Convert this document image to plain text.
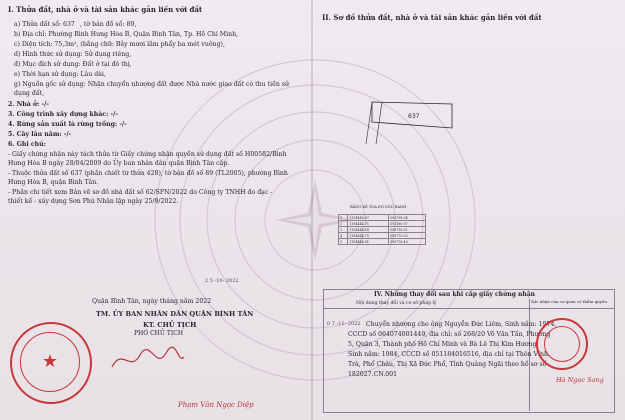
I. Thửa đất, nhà ở và tài sản khác gắn liền với đất
a) Thửa đất số: 637 , tờ bản đồ số: 89,
b) Địa chỉ: Phường Bình Hưng Hòa B, Quận Bình Tân, Tp. Hồ Chí Minh,
c) Diện tích: 75,3m², (bằng chữ: Bảy mươi lăm phẩy ba mét vuông),
d) Hình thức sử dụng: Sử dụng riêng,
đ) Mục đích sử dụng: Đất ở tại đô thị,
e) Thời hạn sử dụng: Lâu dài,
g) Nguồn gốc sử dụng: Nhận chuyển nhượng đất được Nhà nước giao đất có thu tiền sử
dụng đất,
2. Nhà ở: -/-
3. Công trình xây dựng khác: -/-
4. Rừng sản xuất là rừng trồng: -/-
5. Cây lâu năm: -/-
6. Ghi chú:
- Giấy chứng nhận này tách thửa từ Giấy chứng nhận quyền sử dụng đất số H00582/Bình
Hưng Hòa B ngày 28/04/2009 do Ủy ban nhân dân quận Bình Tân cấp.
- Thuộc thửa đất số 637 (phần chiết từ thửa 428), tờ bản đồ số 89 (TL2005), phường Bình
Hưng Hòa B, quận Bình Tân.
- Phần chi tiết xem Bản vẽ sơ đồ nhà đất số 62/SPN/2022 do Công ty TNHH đo đạc -
thiết kế - xây dựng Sơn Phú Nhân lập ngày 25/9/2022.
2 5 -10- 2022
Quận Bình Tân, ngày tháng năm 2022
TM. ỦY BAN NHÂN DÂN QUẬN BÌNH TÂN
KT. CHỦ TỊCH
PHÓ CHỦ TỊCH
★
Phạm Văn Ngọc Diệp
II. Sơ đồ thửa đất, nhà ở và tài sản khác gắn liền với đất
637
BẢNG KÊ TỌA ĐỘ GÓC RANH
1	1194446.67	590798.04
2	1194444.71	591160.07
3	1194444.58	590716.51
4	1194444.75	590770.53
5	1194444.91	590776.49
IV. Những thay đổi sau khi cấp giấy chứng nhận
Nội dung thay đổi và cơ sở pháp lý	Xác nhận của cơ quan có thẩm quyền
0 7 -11- 2022 Chuyển nhượng cho ông Nguyễn Đức Liêm, Sinh năm: 1974,
CCCD số 064074001449, địa chỉ: số 268/20 Võ Văn Tần, Phường
5, Quận 3, Thành phố Hồ Chí Minh và Bà Lê Thị Kim Hương,
Sinh năm: 1984, CCCD số 051184016516, địa chỉ tại Thôn Vĩnh
Trà, Phổ Châu, Thị Xã Đức Phổ, Tỉnh Quảng Ngãi theo hồ sơ số
182027.CN.001
Hà Ngọc Sang
